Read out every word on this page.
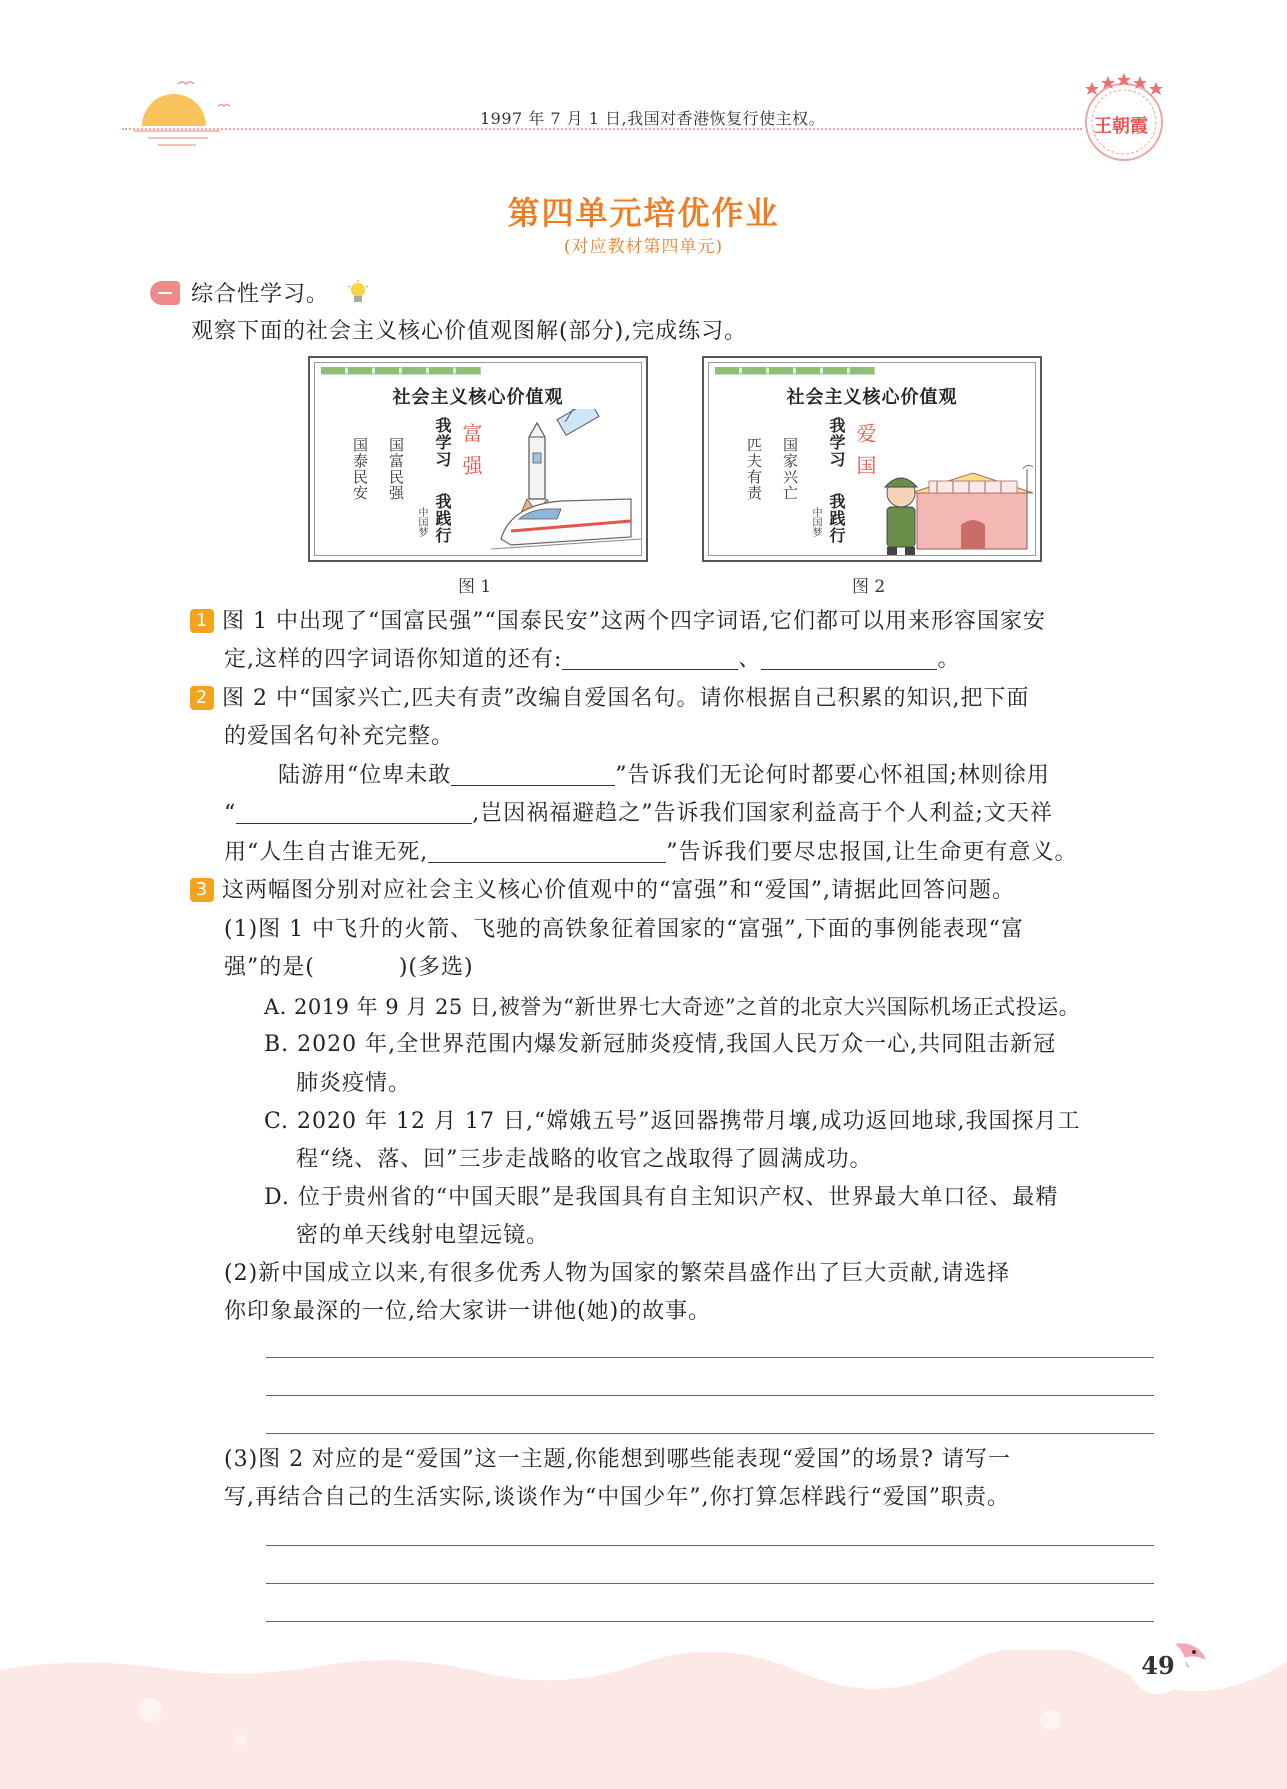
1997 年 7 月 1 日,我国对香港恢复行使主权。	王朝霞
第四单元培优作业
(对应教材第四单元)
综合性学习。
观察下面的社会主义核心价值观图解(部分),完成练习。
社会主义核心价值观
国泰民安 国富民强 我学习
我践行
中国梦
富强
图 1
社会主义核心价值观
匹夫有责 国家兴亡 我学习
我践行
中国梦
爱国
图 2
1 图 1 中出现了“国富民强”“国泰民安”这两个四字词语,它们都可以用来形容国家安
定,这样的四字词语你知道的还有:	、	。
2 图 2 中“国家兴亡,匹夫有责”改编自爱国名句。请你根据自己积累的知识,把下面
的爱国名句补充完整。
陆游用“位卑未敢	”告诉我们无论何时都要心怀祖国;林则徐用
“	,岂因祸福避趋之”告诉我们国家利益高于个人利益;文天祥
用“人生自古谁无死,	”告诉我们要尽忠报国,让生命更有意义。
3 这两幅图分别对应社会主义核心价值观中的“富强”和“爱国”,请据此回答问题。
(1)图 1 中飞升的火箭、飞驰的高铁象征着国家的“富强”,下面的事例能表现“富
强”的是(	)(多选)
A. 2019 年 9 月 25 日,被誉为“新世界七大奇迹”之首的北京大兴国际机场正式投运。
B. 2020 年,全世界范围内爆发新冠肺炎疫情,我国人民万众一心,共同阻击新冠
肺炎疫情。
C. 2020 年 12 月 17 日,“嫦娥五号”返回器携带月壤,成功返回地球,我国探月工
程“绕、落、回”三步走战略的收官之战取得了圆满成功。
D. 位于贵州省的“中国天眼”是我国具有自主知识产权、世界最大单口径、最精
密的单天线射电望远镜。
(2)新中国成立以来,有很多优秀人物为国家的繁荣昌盛作出了巨大贡献,请选择
你印象最深的一位,给大家讲一讲他(她)的故事。
(3)图 2 对应的是“爱国”这一主题,你能想到哪些能表现“爱国”的场景? 请写一
写,再结合自己的生活实际,谈谈作为“中国少年”,你打算怎样践行“爱国”职责。
49
